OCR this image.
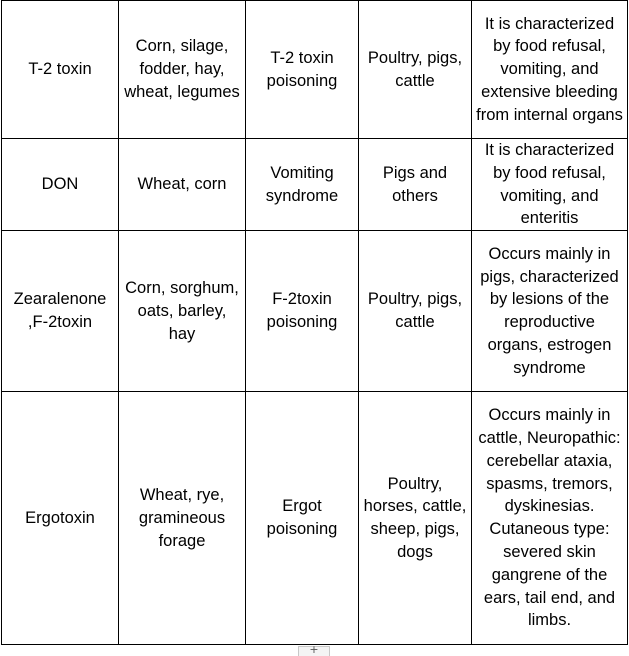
T-2 toxin	Corn, silage, fodder, hay, wheat, legumes	T-2 toxin poisoning	Poultry, pigs, cattle	It is characterized by food refusal, vomiting, and extensive bleeding from internal organs
DON	Wheat, corn	Vomiting syndrome	Pigs and others	It is characterized by food refusal, vomiting, and enteritis
Zearalenone ,F-2toxin	Corn, sorghum, oats, barley, hay	F-2toxin poisoning	Poultry, pigs, cattle	Occurs mainly in pigs, characterized by lesions of the reproductive organs, estrogen syndrome
Ergotoxin	Wheat, rye, gramineous forage	Ergot poisoning	Poultry, horses, cattle, sheep, pigs, dogs	Occurs mainly in cattle, Neuropathic: cerebellar ataxia, spasms, tremors, dyskinesias. Cutaneous type: severed skin gangrene of the ears, tail end, and limbs.
+
